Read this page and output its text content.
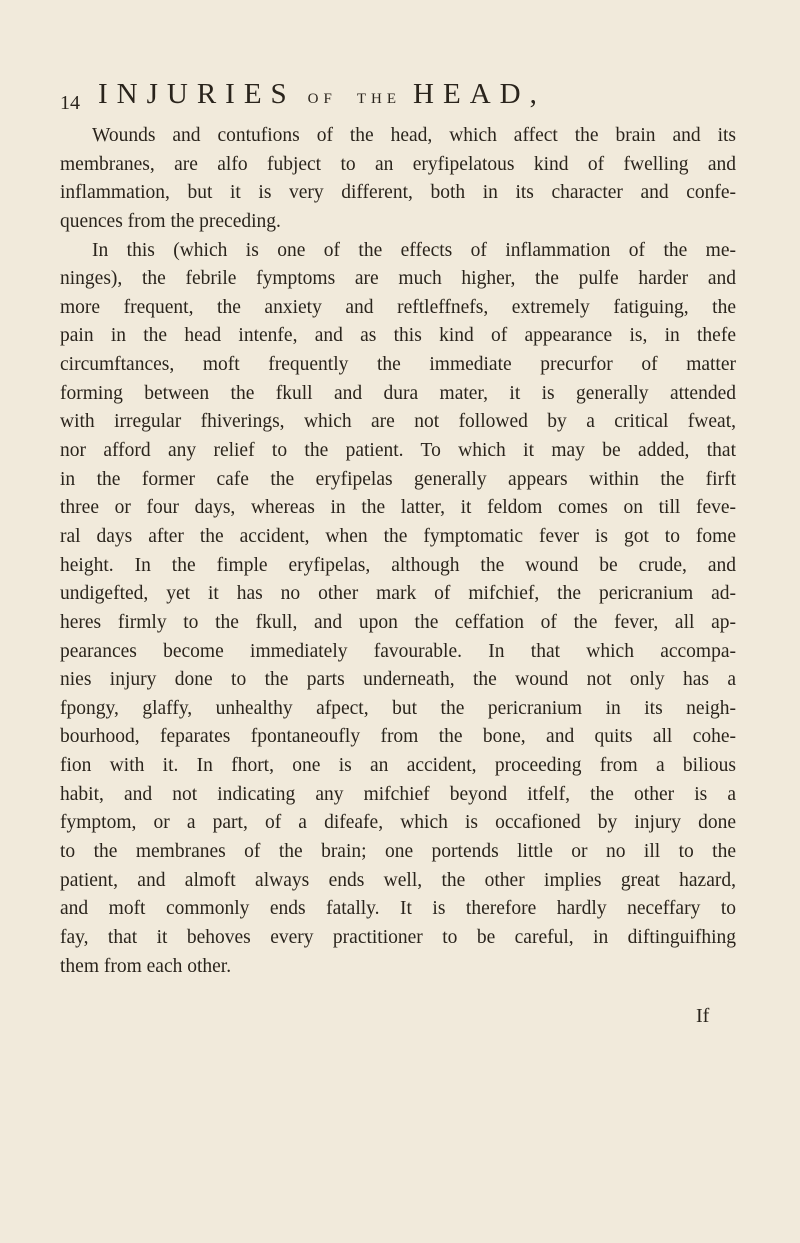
14 INJURIES OF THE HEAD,
Wounds and contufions of the head, which affect the brain and its
membranes, are alfo fubject to an eryfipelatous kind of fwelling and
inflammation, but it is very different, both in its character and confe-
quences from the preceding.
In this (which is one of the effects of inflammation of the me-
ninges), the febrile fymptoms are much higher, the pulfe harder and
more frequent, the anxiety and reftleffnefs, extremely fatiguing, the
pain in the head intenfe, and as this kind of appearance is, in thefe
circumftances, moft frequently the immediate precurfor of matter
forming between the fkull and dura mater, it is generally attended
with irregular fhiverings, which are not followed by a critical fweat,
nor afford any relief to the patient. To which it may be added, that
in the former cafe the eryfipelas generally appears within the firft
three or four days, whereas in the latter, it feldom comes on till feve-
ral days after the accident, when the fymptomatic fever is got to fome
height. In the fimple eryfipelas, although the wound be crude, and
undigefted, yet it has no other mark of mifchief, the pericranium ad-
heres firmly to the fkull, and upon the ceffation of the fever, all ap-
pearances become immediately favourable. In that which accompa-
nies injury done to the parts underneath, the wound not only has a
fpongy, glaffy, unhealthy afpect, but the pericranium in its neigh-
bourhood, feparates fpontaneoufly from the bone, and quits all cohe-
fion with it. In fhort, one is an accident, proceeding from a bilious
habit, and not indicating any mifchief beyond itfelf, the other is a
fymptom, or a part, of a difeafe, which is occafioned by injury done
to the membranes of the brain; one portends little or no ill to the
patient, and almoft always ends well, the other implies great hazard,
and moft commonly ends fatally. It is therefore hardly neceffary to
fay, that it behoves every practitioner to be careful, in diftinguifhing
them from each other.
If
